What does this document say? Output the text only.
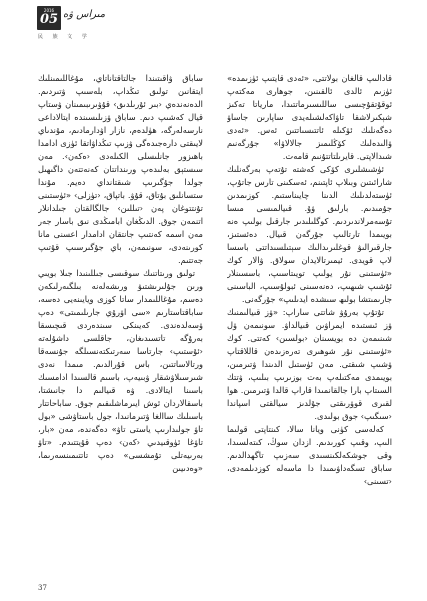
2016
05 مىراس ۋە
民 族 文 学

قادالىپ قالغان بولاتتى، «ئەدى قايتىپ ئۈزىمدە» ئۈزىم ئالدى ئالقىنىن، جوھارى مەكتەپ ئوقۇتقۇچىسى ساللىسىرماتتىدا، مارياتا تەكىز شېكىرلاشقا تاۋاكەلشىلەيدى ساپارىن جاساۋ دەگەنلىك ئۆكىلە ئاتتىسىاتتىن ئەس. «ئەدى ۋالىدەلىك كۆڭلىمىز جالالاۋا» جۇرگەنىم شىدالاپتى. قايرىلتاتتۇنىم قامەت.

ئۈشىشلىرى كۆكى كەشتە تۇتەپ بەرگەنلىك شارائىتىن وبىلاپ ئاپتىنم، ئەسكىنى تارس جاتۇپ، ئۈستەلدىلىك الدىنا چايىناستىم. كوزىمدىن جۇمىدىم. بارلىق ۋۇ. قىيالمىسى مىسا تۇسەمرلاندىردىم. كوگلىلىدىر جارقىل بولىپ ەنە بويىمدا تارتالىپ جۇرگەن قىيال. دەئستىز، جارقىرالىۋ قوغلىرىدالىك سېتىلسىداتتى باسسا لاپ قويدى. ئيمىرتالايدان سولاق. ۋالار كوك «ئۈستىنى نۇر يولىپ تويىتاسىپ، باسسىنلار ئۇشىپ شىھىپ، دەنەسىنى ئبولۇسىپ، الباسىنى جارىمىتشا بولىھ سىشدە ايدىلىپ» جۇرگەنى.

تۇتۇپ بەرۇۋ شاتتى ساراپ: «ۋز قىيالىمنىك ۋز ئىستىدە ايمراۋىن قىيالداۋ. سونىمەن ۋل شىنىمەن دە بويسىنان ‹بولسىن› كەتتى. كوك «ئۈستىنى نۇر شوھىرى تەرەزىدەن قاللاقتاپ ۋشىپ شىقتى. مەن ئۈستىل الدىندا ۋتىرمىن، بويىمدى مەكتىلەپ بەت بوزىرىپ بىلىپ، ۋتتك السىتاپ بارا جالقانمىدا قاراپ قالدا ۋتىرمىن. ھوا لقىرى قوۋرىقتى جۇلدىز سيالقتى اسپاندا ‹سىگىپ› جوق بولىدى.

كەلەسى كۈنى ويانا سالا، كىنتاپتى قولىما الىپ، وقىپ كورىدىم. ازدان سوڭ، كىتەلسىدا، وقى جوشكەلكىنسىدى سەزىپ تاگھدالدىم. ساباق تسگەداۋىمىدا دا ماسەلە كوزدىلمەدى، ‹تسىنى›

ساباق ۋاقىتىندا جالتاقتاناتاي، مۇغاللىمىنلىك ايتقانىن تولىق تىڭداپ، بلەسىپ ۋتىردىم. الدەنەندەي ‹بىر ئۇرىلدىق› قۇۋىرىبىمىنان ۋستاپ قيال كەشىپ دىم. ساباق ۋزىلىسىندە ايتالاداعى نارسەلەرگە، ھۈلدەم، نازار اۋدارمادىم، مۇندىاي لايىقتى دارەجىدەگى ۋزىپ تىڭداۋاتقا ئۈزى ادامدا باھىزور جانلىسلى الكىلەدى ‹ەكەن›. مەن سىستېق بەلىدەپ ورىنداتتان كەنەتتەن داگىھىل جولدا جۇگىرىپ شىقتانداي دەيم. مۇندا ستسانلىق بۇتاق، قۇۋ. باتپاق، ‹تۈزلى› «ئۈستىنى تۇنتتوغان پەن ‹تىللىن› جالگالقتان جىلدانلار اتنمەن جوق. الدىڭغان ابامىڭدى نىق باسار جەر مەن اسمە كەنتىپ جانتقان ادامدار اعسنى مانا كورىنەدى، سونىمەن، ﺑﺎﻱ جۇگىرسىپ قۇتىپ جەتتىم.

تولىق ورىتاتنىك سوقىسى جىللىنىدا جىلا بويىي ورىن جۇلىرىشتىۋ ورىشەلەنە بىلگىەرلىكەن دەسم، مۇغاللىمدار ساتا كوزى ويايىنەيى دەسە، ساباقتاستارىم «سى اۋرۇي جارىلىمىتى» دەپ ۋسەلدەندى. كەيىنكى سىندەردى قىچىسقا بەرۇگە تاتسىدىغان، جاقلسى داشۇلەتە ‹ئۇستىپ› جارتاسا سەرتىكتەنسىلگە جۇنسەقا ورتالاساتتىن، باس قۇرالدىم. مىمدا نەدى شىرسىلاۋشقار ۋبىيەپ، باسىم قالسىدا ادامسىك باسىنا ايتالادى. ۋە قىيالىم دا جانىشتا، باسقالاردان ئوش ايىرماشلىقىم جوق. ساباحاتتار باسىلىك ساالغا ۋتىرمانىدا، جول باستاۋشى «بول تاۋ جولىدارىپ ياستى تاۋ» دەگەندە، مەن «بار، تاۋغا ئۈوقىيدىي ‹كەن› دەپ قۇيتتىدم. «تاۋ بەرىيەتلى تۇمشسى» دەپ تاتتىمىنسەرىما، «وەدىيىن

37
